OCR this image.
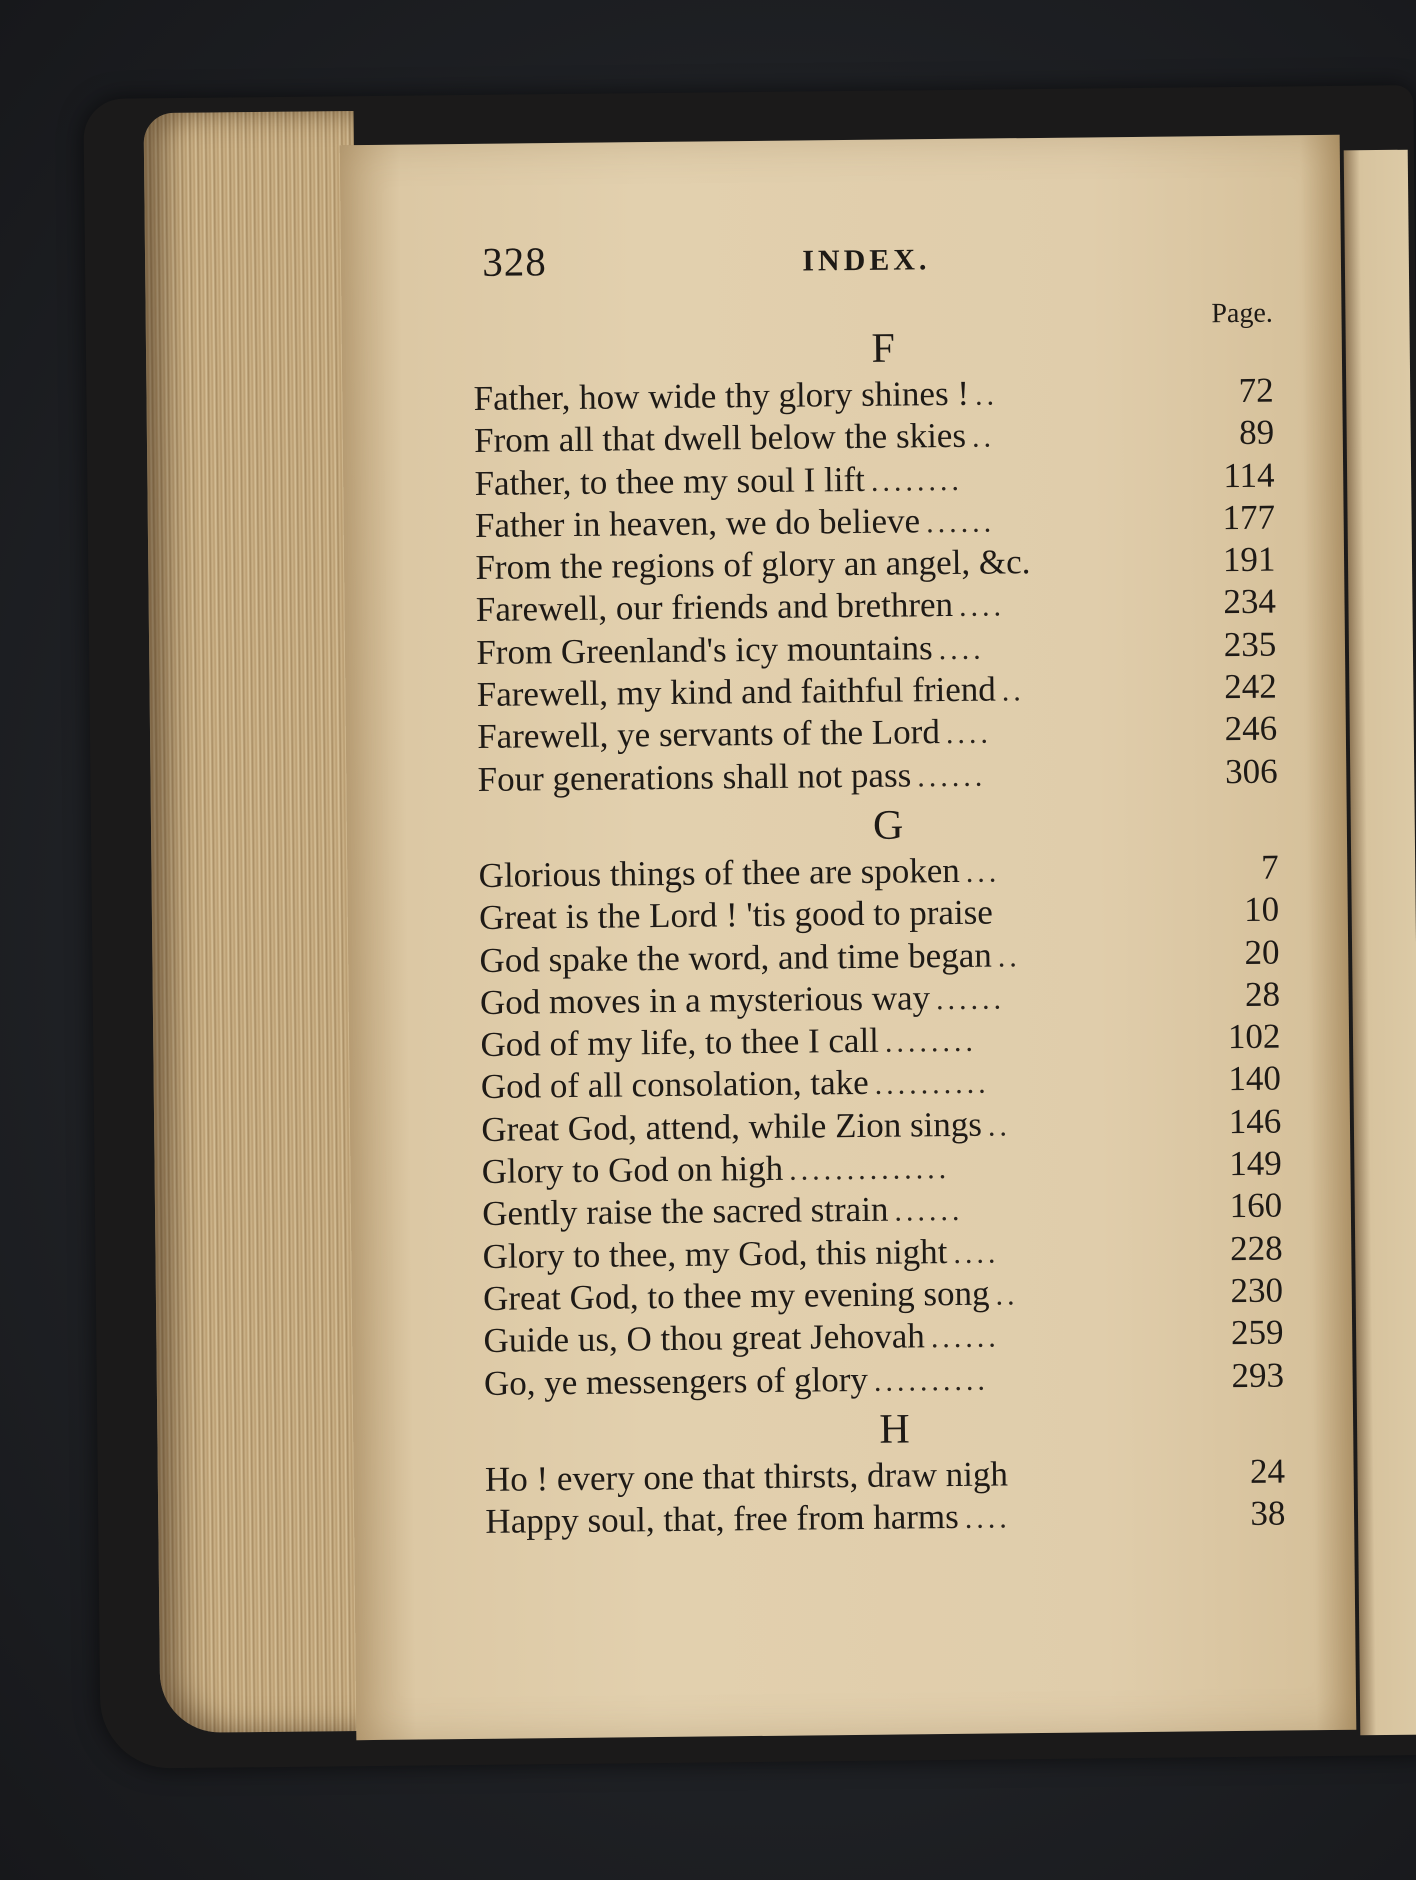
328	INDEX.
Page.
F
Father, how wide thy glory shines ! ..	72
From all that dwell below the skies ..	89
Father, to thee my soul I lift ........	114
Father in heaven, we do believe ......	177
From the regions of glory an angel, &c.	191
Farewell, our friends and brethren ....	234
From Greenland's icy mountains ....	235
Farewell, my kind and faithful friend ..	242
Farewell, ye servants of the Lord ....	246
Four generations shall not pass ......	306
G
Glorious things of thee are spoken ...	7
Great is the Lord ! 'tis good to praise	10
God spake the word, and time began ..	20
God moves in a mysterious way ......	28
God of my life, to thee I call ........	102
God of all consolation, take ..........	140
Great God, attend, while Zion sings ..	146
Glory to God on high ..............	149
Gently raise the sacred strain ......	160
Glory to thee, my God, this night ....	228
Great God, to thee my evening song ..	230
Guide us, O thou great Jehovah ......	259
Go, ye messengers of glory ..........	293
H
Ho ! every one that thirsts, draw nigh	24
Happy soul, that, free from harms ....	38
